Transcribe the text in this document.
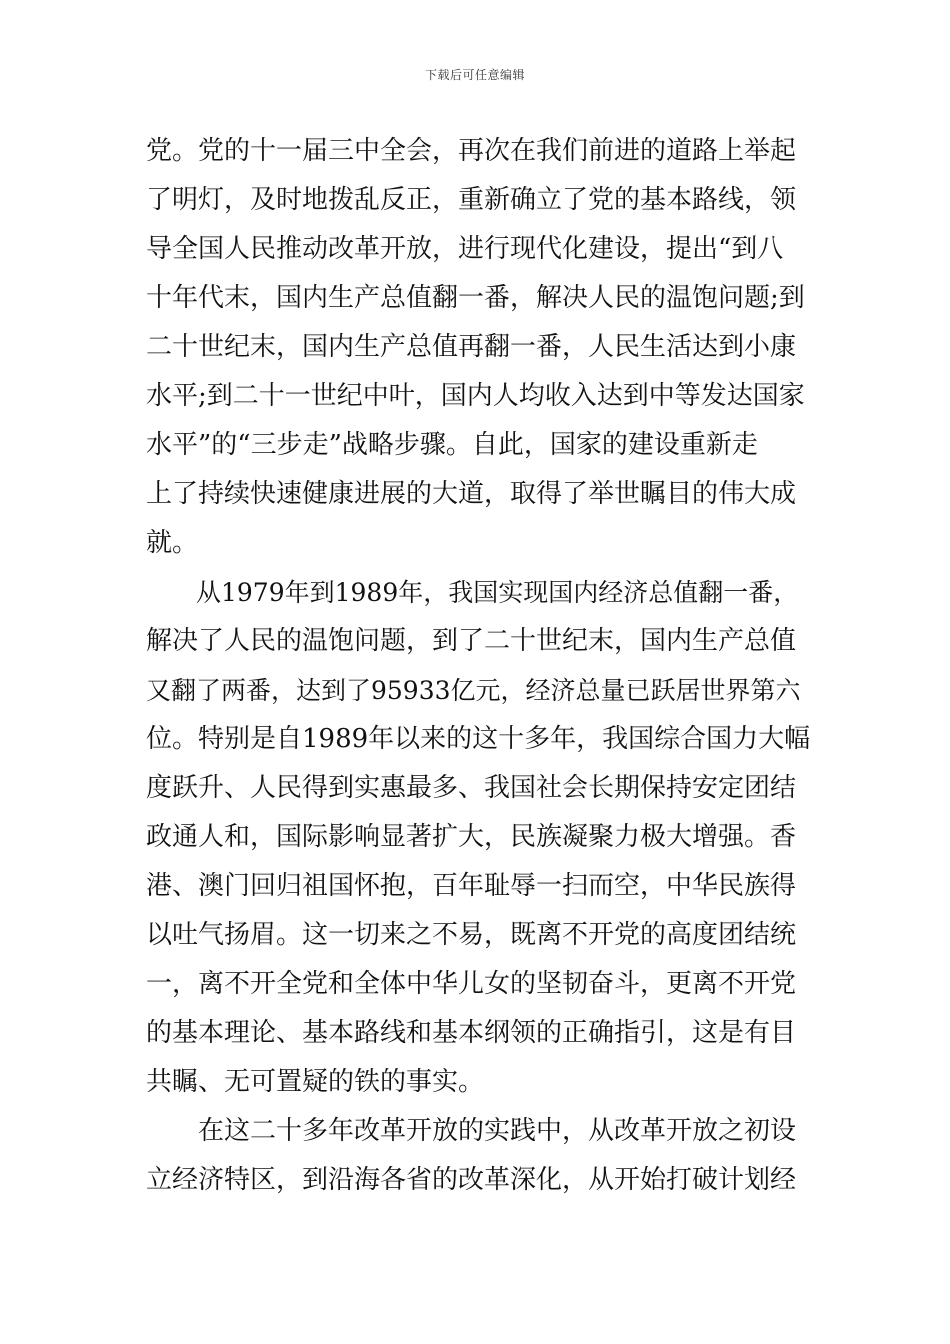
下载后可任意编辑
党。党的十一届三中全会，再次在我们前进的道路上举起
了明灯，及时地拨乱反正，重新确立了党的基本路线，领
导全国人民推动改革开放，进行现代化建设，提出“到八
十年代末，国内生产总值翻一番，解决人民的温饱问题;到
二十世纪末，国内生产总值再翻一番，人民生活达到小康
水平;到二十一世纪中叶，国内人均收入达到中等发达国家
水平”的“三步走”战略步骤。自此，国家的建设重新走
上了持续快速健康进展的大道，取得了举世瞩目的伟大成
就。
　　从1979年到1989年，我国实现国内经济总值翻一番，
解决了人民的温饱问题，到了二十世纪末，国内生产总值
又翻了两番，达到了95933亿元，经济总量已跃居世界第六
位。特别是自1989年以来的这十多年，我国综合国力大幅
度跃升、人民得到实惠最多、我国社会长期保持安定团结
政通人和，国际影响显著扩大，民族凝聚力极大增强。香
港、澳门回归祖国怀抱，百年耻辱一扫而空，中华民族得
以吐气扬眉。这一切来之不易，既离不开党的高度团结统
一，离不开全党和全体中华儿女的坚韧奋斗，更离不开党
的基本理论、基本路线和基本纲领的正确指引，这是有目
共瞩、无可置疑的铁的事实。
　　在这二十多年改革开放的实践中，从改革开放之初设
立经济特区，到沿海各省的改革深化，从开始打破计划经
